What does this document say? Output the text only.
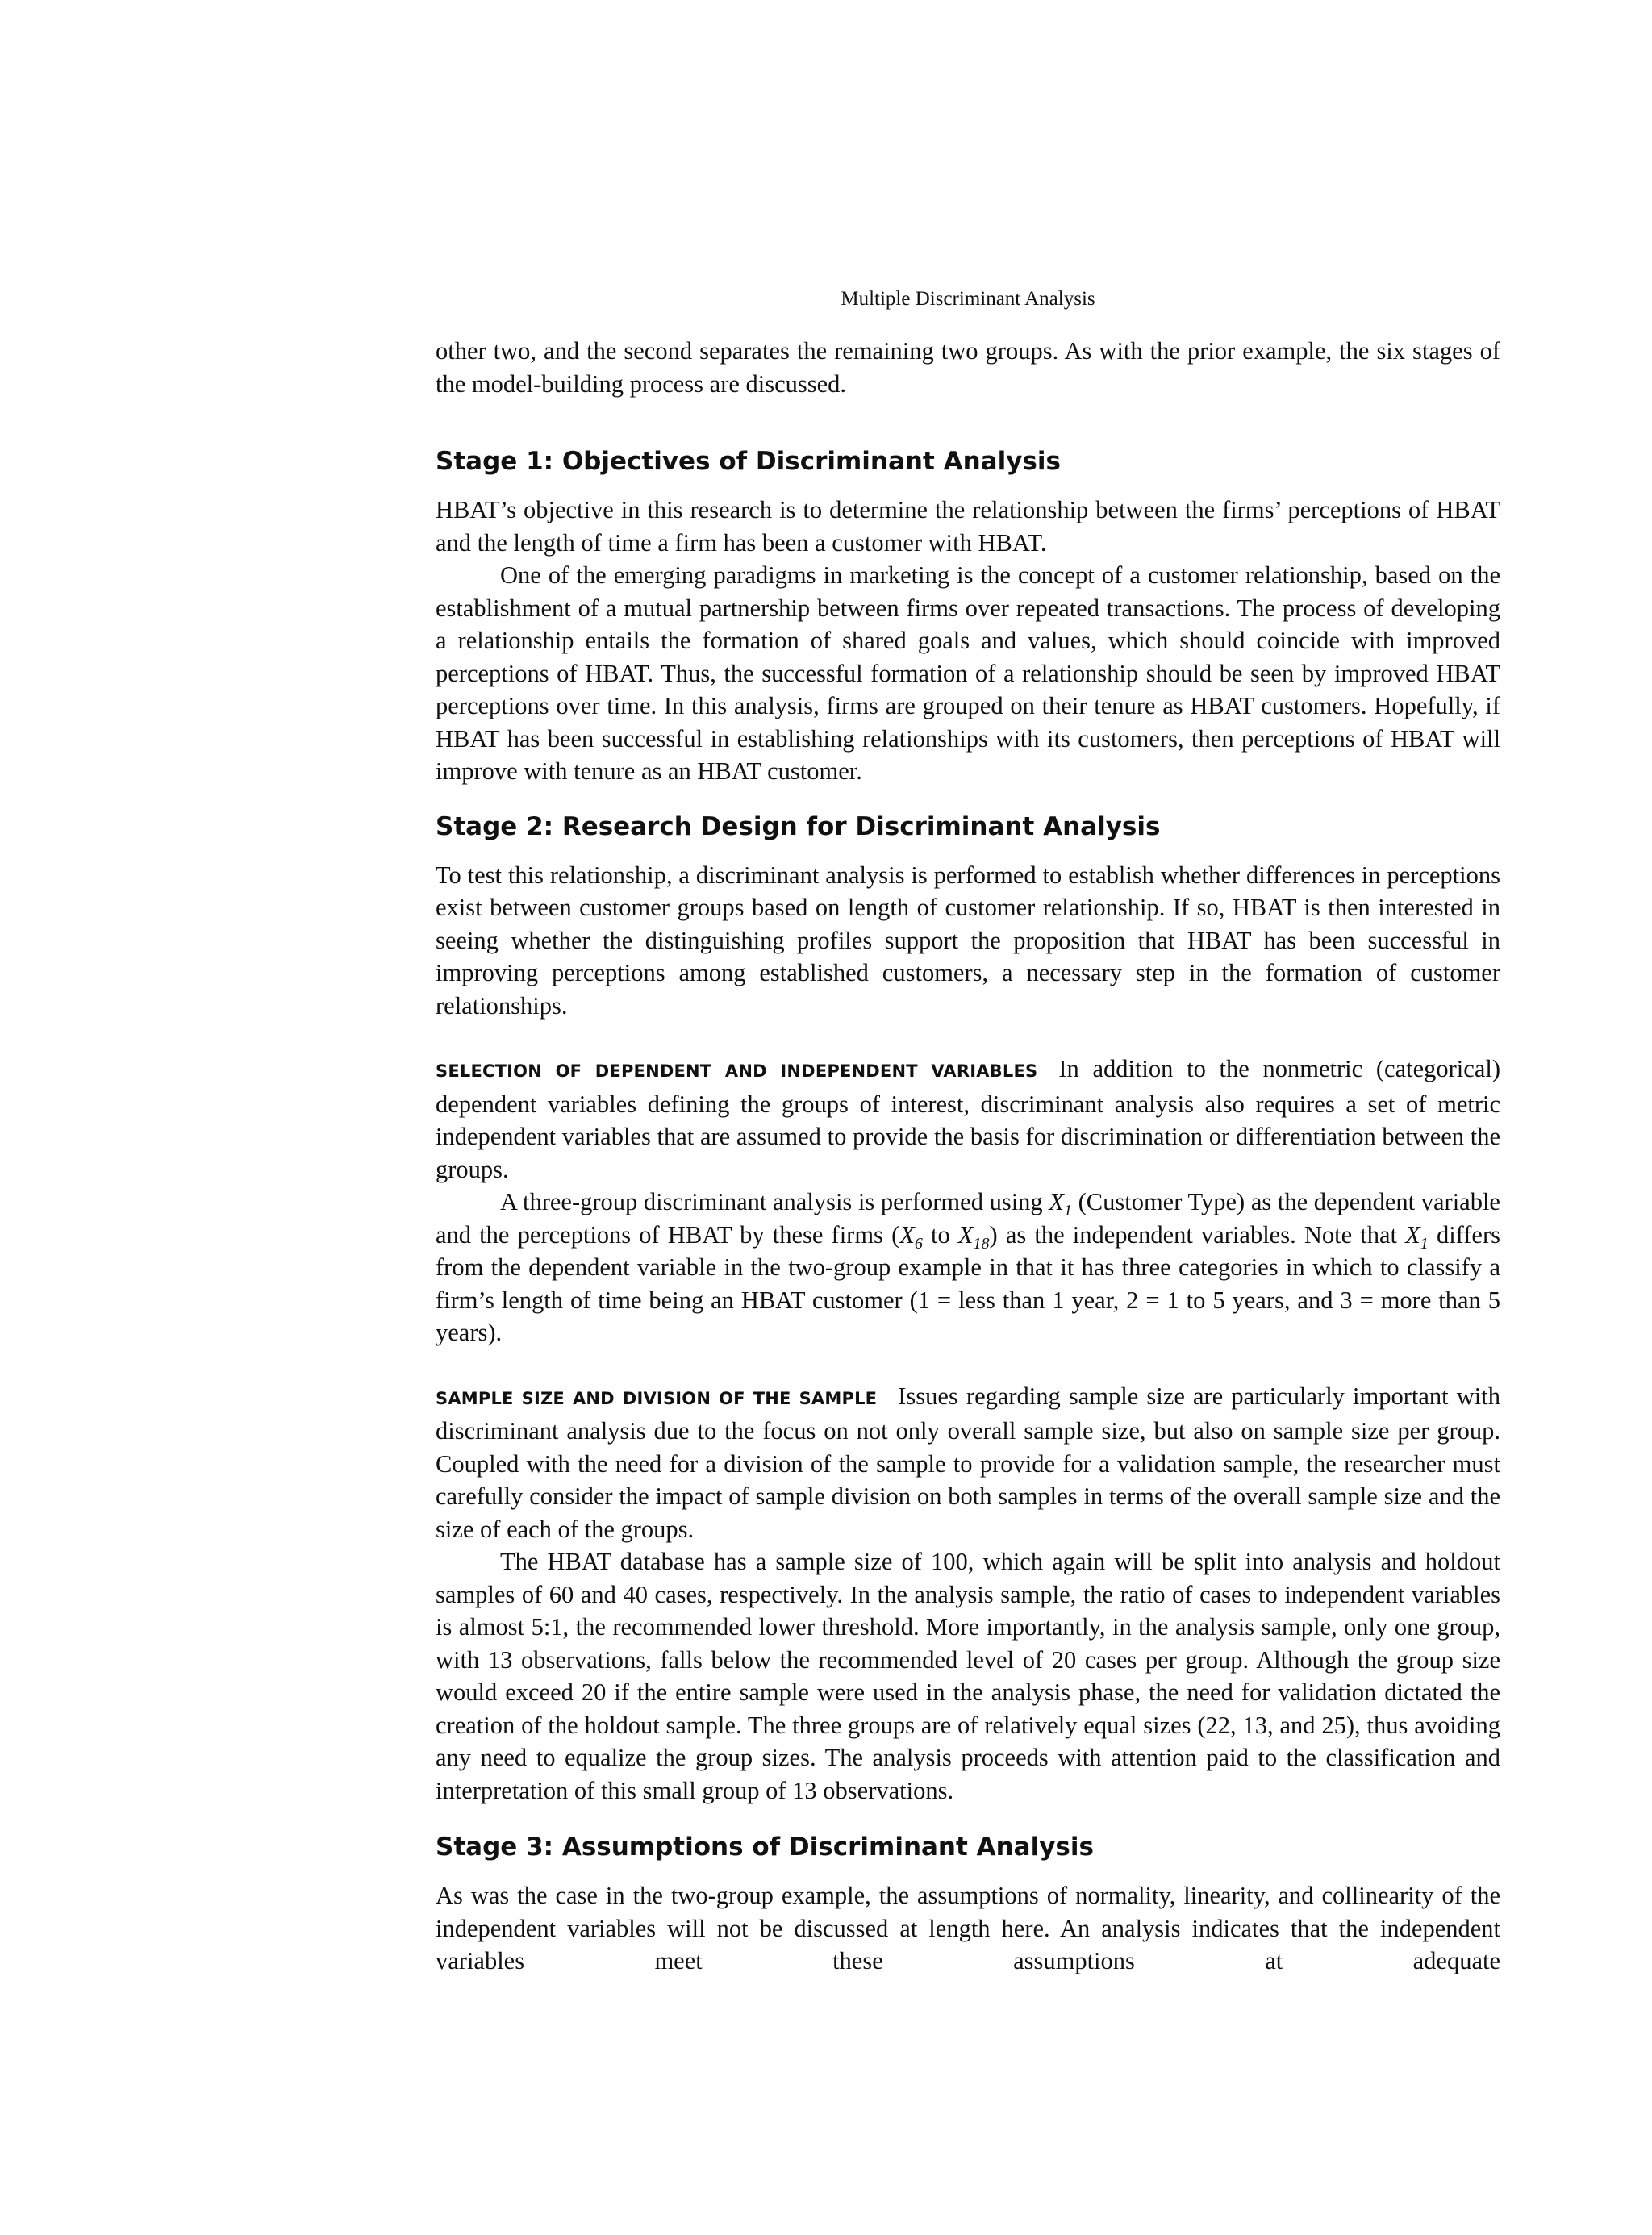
Multiple Discriminant Analysis

other two, and the second separates the remaining two groups. As with the prior example, the six stages of the model-building process are discussed.

Stage 1: Objectives of Discriminant Analysis

HBAT’s objective in this research is to determine the relationship between the firms’ perceptions of HBAT and the length of time a firm has been a customer with HBAT.

One of the emerging paradigms in marketing is the concept of a customer relationship, based on the establishment of a mutual partnership between firms over repeated transactions. The process of developing a relationship entails the formation of shared goals and values, which should coincide with improved perceptions of HBAT. Thus, the successful formation of a relationship should be seen by improved HBAT perceptions over time. In this analysis, firms are grouped on their tenure as HBAT customers. Hopefully, if HBAT has been successful in establishing relationships with its customers, then perceptions of HBAT will improve with tenure as an HBAT customer.

Stage 2: Research Design for Discriminant Analysis

To test this relationship, a discriminant analysis is performed to establish whether differences in perceptions exist between customer groups based on length of customer relationship. If so, HBAT is then interested in seeing whether the distinguishing profiles support the proposition that HBAT has been successful in improving perceptions among established customers, a necessary step in the formation of customer relationships.

SELECTION OF DEPENDENT AND INDEPENDENT VARIABLES In addition to the nonmetric (categorical) dependent variables defining the groups of interest, discriminant analysis also requires a set of metric independent variables that are assumed to provide the basis for discrimination or differentiation between the groups.

A three-group discriminant analysis is performed using $X_1$ (Customer Type) as the dependent variable and the perceptions of HBAT by these firms ($X_6$ to $X_{18}$) as the independent variables. Note that $X_1$ differs from the dependent variable in the two-group example in that it has three categories in which to classify a firm’s length of time being an HBAT customer (1 = less than 1 year, 2 = 1 to 5 years, and 3 = more than 5 years).

SAMPLE SIZE AND DIVISION OF THE SAMPLE Issues regarding sample size are particularly important with discriminant analysis due to the focus on not only overall sample size, but also on sample size per group. Coupled with the need for a division of the sample to provide for a validation sample, the researcher must carefully consider the impact of sample division on both samples in terms of the overall sample size and the size of each of the groups.

The HBAT database has a sample size of 100, which again will be split into analysis and holdout samples of 60 and 40 cases, respectively. In the analysis sample, the ratio of cases to independent variables is almost 5:1, the recommended lower threshold. More importantly, in the analysis sample, only one group, with 13 observations, falls below the recommended level of 20 cases per group. Although the group size would exceed 20 if the entire sample were used in the analysis phase, the need for validation dictated the creation of the holdout sample. The three groups are of relatively equal sizes (22, 13, and 25), thus avoiding any need to equalize the group sizes. The analysis proceeds with attention paid to the classification and interpretation of this small group of 13 observations.

Stage 3: Assumptions of Discriminant Analysis

As was the case in the two-group example, the assumptions of normality, linearity, and collinearity of the independent variables will not be discussed at length here. An analysis indicates that the independent variables meet these assumptions at adequate
